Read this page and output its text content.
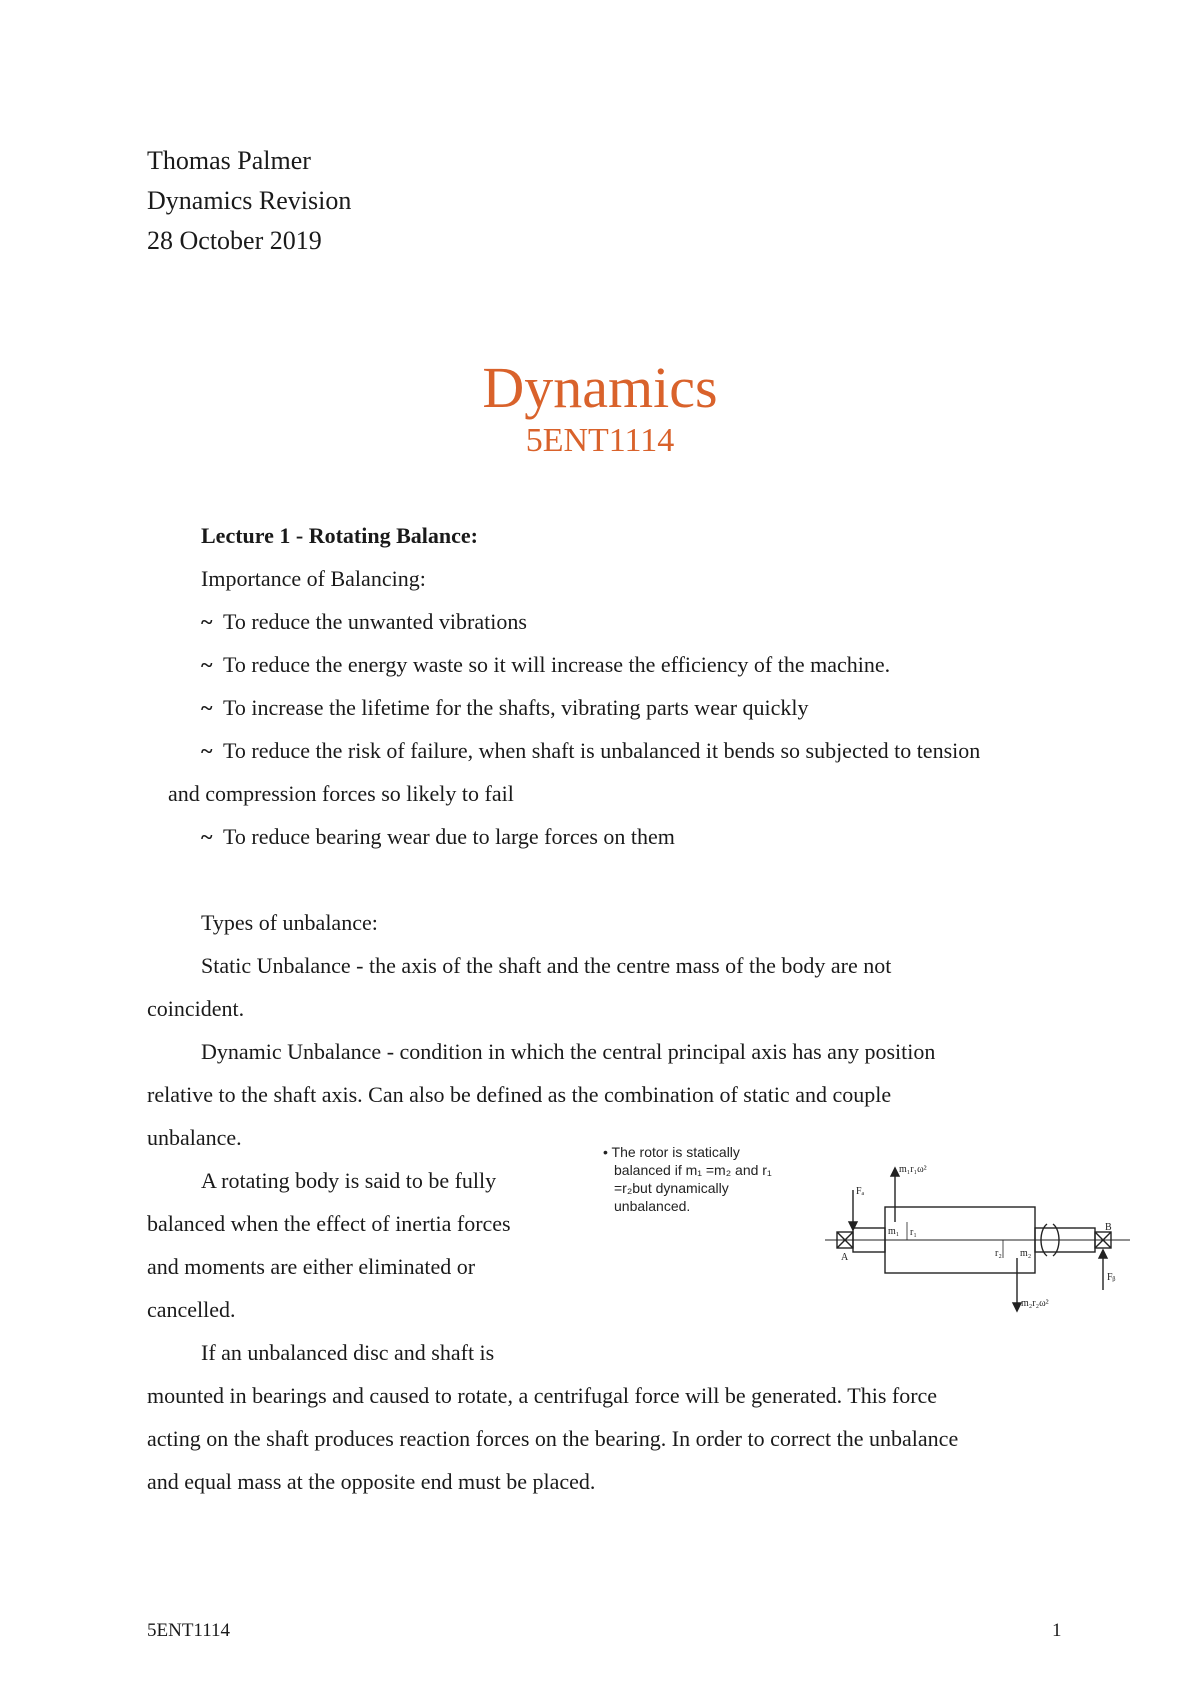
Thomas Palmer
Dynamics Revision
28 October 2019
Dynamics
5ENT1114
Lecture 1 - Rotating Balance:
Importance of Balancing:
~ To reduce the unwanted vibrations
~ To reduce the energy waste so it will increase the efficiency of the machine.
~ To increase the lifetime for the shafts, vibrating parts wear quickly
~ To reduce the risk of failure, when shaft is unbalanced it bends so subjected to tension
and compression forces so likely to fail
~ To reduce bearing wear due to large forces on them
Types of unbalance:
Static Unbalance - the axis of the shaft and the centre mass of the body are not
coincident.
Dynamic Unbalance - condition in which the central principal axis has any position
relative to the shaft axis. Can also be defined as the combination of static and couple
unbalance.
A rotating body is said to be fully
balanced when the effect of inertia forces
and moments are either eliminated or
cancelled.
If an unbalanced disc and shaft is
mounted in bearings and caused to rotate, a centrifugal force will be generated. This force
acting on the shaft produces reaction forces on the bearing. In order to correct the unbalance
and equal mass at the opposite end must be placed.
• The rotor is statically
balanced if m₁ =m₂ and r₁
=r₂but dynamically
unbalanced.
m₁r₁ω²
m₂r₂ω²
Fₐ
Fᵦ
A
B
m₁ r₁
r₂ m₂
5ENT1114	1
